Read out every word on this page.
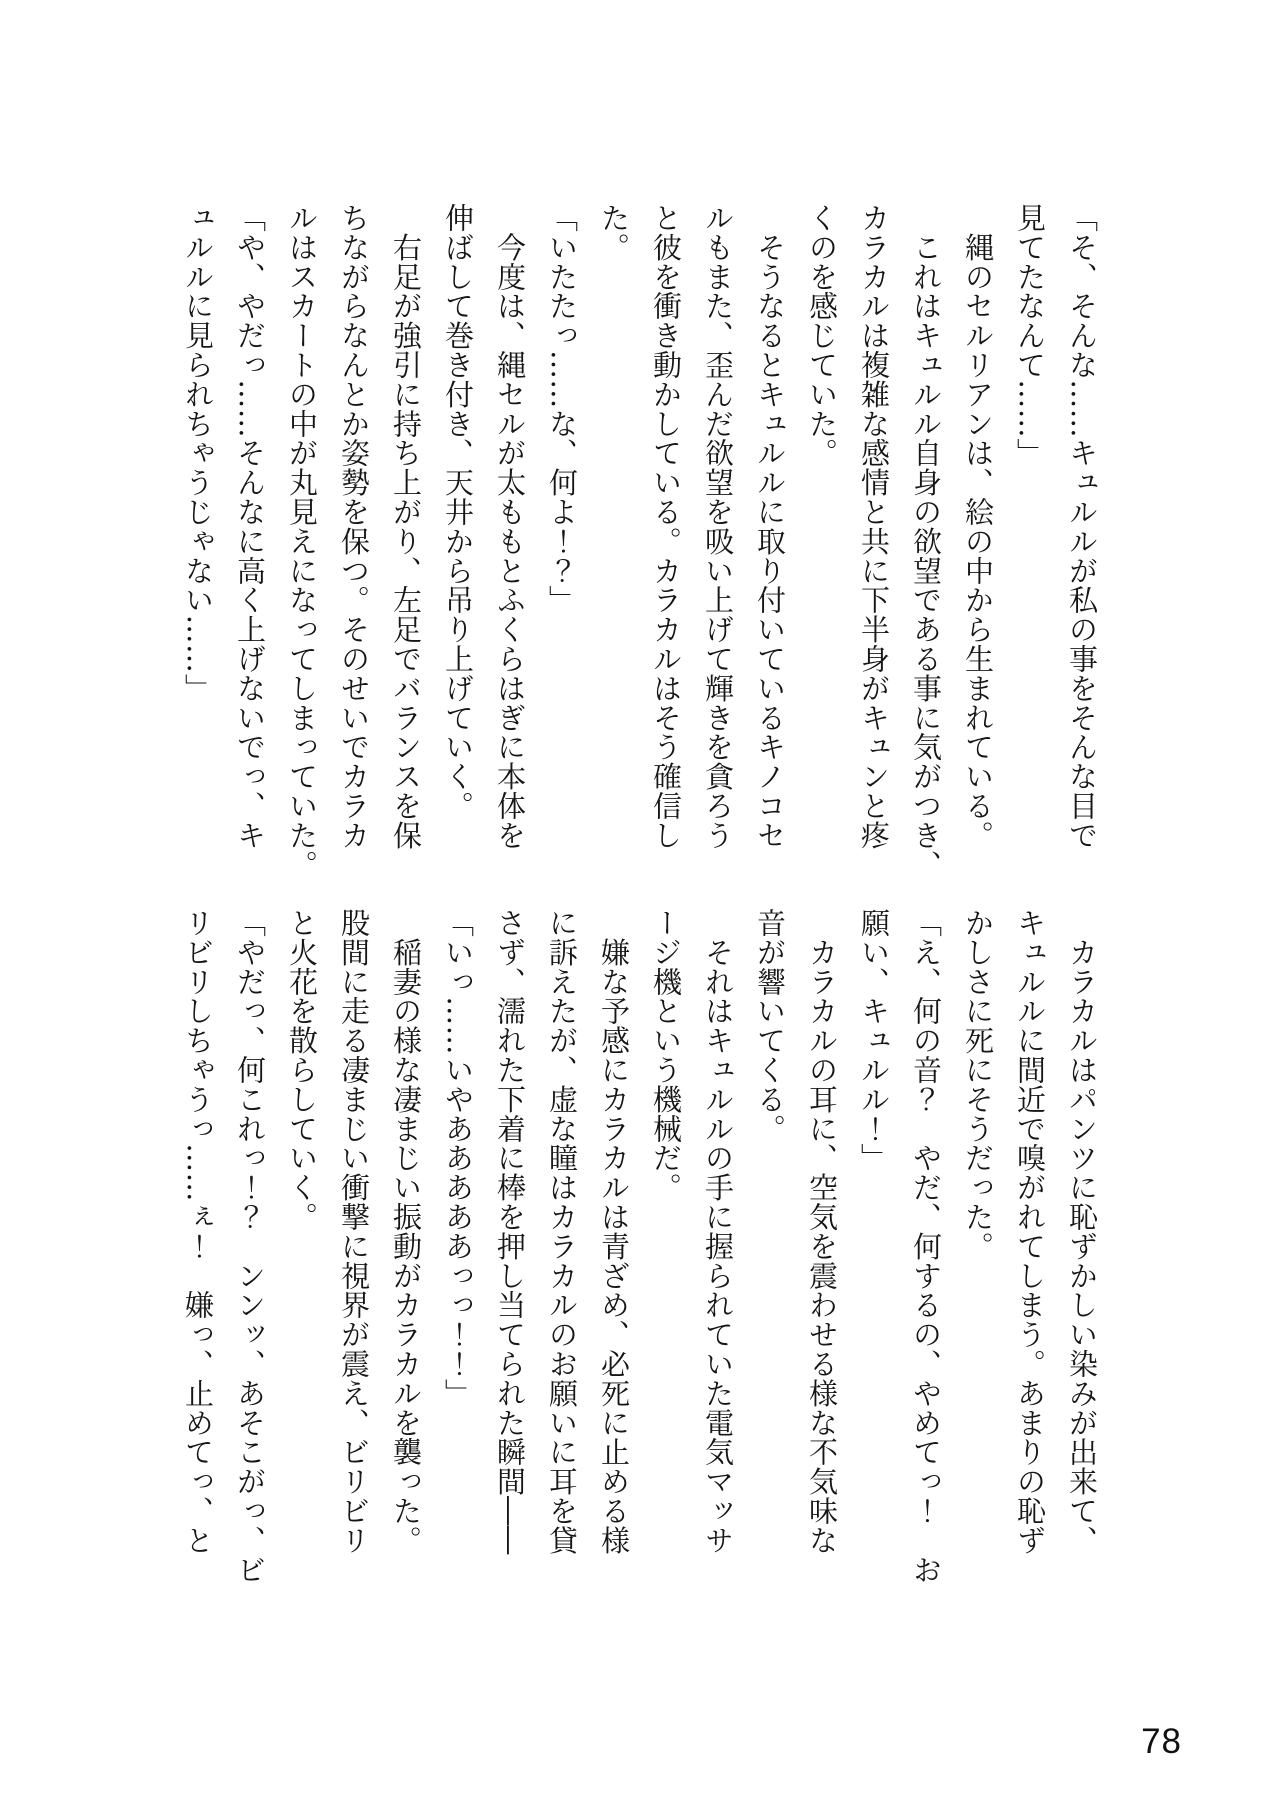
「そ、そんな……キュルルが私の事をそんな目で

見てたなんて……」

　縄のセルリアンは、絵の中から生まれている。

　これはキュルル自身の欲望である事に気がつき、

カラカルは複雑な感情と共に下半身がキュンと疼

くのを感じていた。

　そうなるとキュルルに取り付いているキノコセ

ルもまた、歪んだ欲望を吸い上げて輝きを貪ろう

と彼を衝き動かしている。カラカルはそう確信し

た。

「いたたっ……な、何よ！？」

　今度は、縄セルが太ももとふくらはぎに本体を

伸ばして巻き付き、天井から吊り上げていく。

　右足が強引に持ち上がり、左足でバランスを保

ちながらなんとか姿勢を保つ。そのせいでカラカ

ルはスカートの中が丸見えになってしまっていた。

「や、やだっ……そんなに高く上げないでっ、キ

ュルルに見られちゃうじゃない……」

　カラカルはパンツに恥ずかしい染みが出来て、

キュルルに間近で嗅がれてしまう。あまりの恥ず

かしさに死にそうだった。

「え、何の音？　やだ、何するの、やめてっ！　お

願い、キュルル！」

　カラカルの耳に、空気を震わせる様な不気味な

音が響いてくる。

　それはキュルルの手に握られていた電気マッサ

ージ機という機械だ。

　嫌な予感にカラカルは青ざめ、必死に止める様

に訴えたが、虚な瞳はカラカルのお願いに耳を貸

さず、濡れた下着に棒を押し当てられた瞬間――

「いっ……いやあああああっっ！！」

　稲妻の様な凄まじい振動がカラカルを襲った。

股間に走る凄まじい衝撃に視界が震え、ビリビリ

と火花を散らしていく。

「やだっ、何これっ！？　ンンッ、あそこがっ、ビ

リビリしちゃうっ……ぇ！　嫌っ、止めてっ、と

78
